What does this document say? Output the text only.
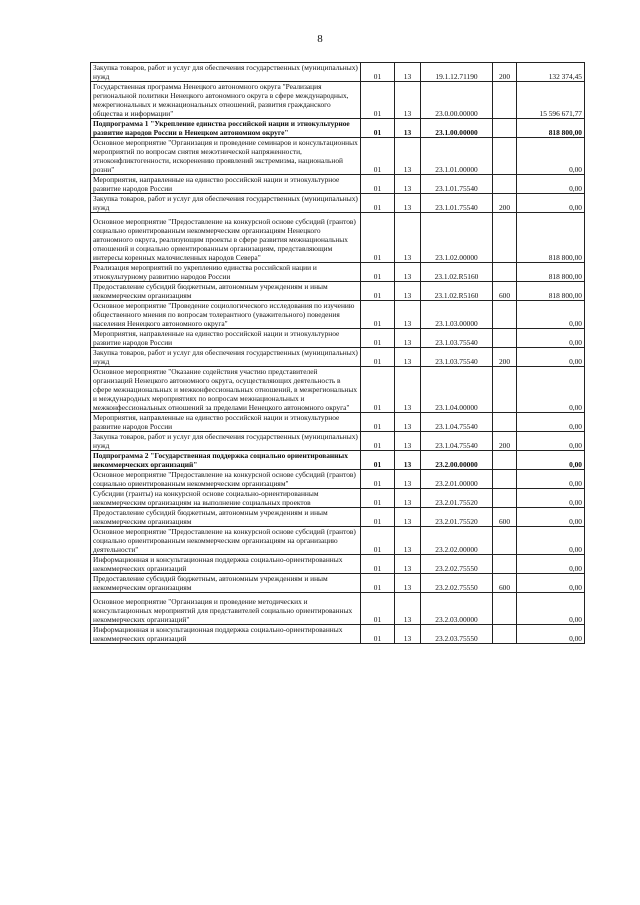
8
Закупка товаров, работ и услуг для обеспечения государственных (муниципальных) нужд	01	13	19.1.12.71190	200	132 374,45
Государственная программа Ненецкого автономного округа "Реализация региональной политики Ненецкого автономного округа в сфере международных, межрегиональных и межнациональных отношений, развития гражданского общества и информации"	01	13	23.0.00.00000		15 596 671,77
Подпрограмма 1 "Укрепление единства российской нации и этнокультурное развитие народов России в Ненецком автономном округе"	01	13	23.1.00.00000		818 800,00
Основное мероприятие "Организация и проведение семинаров и консультационных мероприятий по вопросам снятия межэтнической напряженности, этноконфликтогенности, искоренению проявлений экстремизма, национальной розни"	01	13	23.1.01.00000		0,00
Мероприятия, направленные на единство российской нации и этнокультурное развитие народов России	01	13	23.1.01.75540		0,00
Закупка товаров, работ и услуг для обеспечения государственных (муниципальных) нужд	01	13	23.1.01.75540	200	0,00
Основное мероприятие "Предоставление на конкурсной основе субсидий (грантов) социально ориентированным некоммерческим организациям Ненецкого автономного округа, реализующим проекты в сфере развития межнациональных отношений и социально ориентированным организациям, представляющим интересы коренных малочисленных народов Севера"	01	13	23.1.02.00000		818 800,00
Реализация мероприятий по укреплению единства российской нации и этнокультурному развитию народов России	01	13	23.1.02.R5160		818 800,00
Предоставление субсидий бюджетным, автономным учреждениям и иным некоммерческим организациям	01	13	23.1.02.R5160	600	818 800,00
Основное мероприятие "Проведение социологического исследования по изучению общественного мнения по вопросам толерантного (уважительного) поведения населения Ненецкого автономного округа"	01	13	23.1.03.00000		0,00
Мероприятия, направленные на единство российской нации и этнокультурное развитие народов России	01	13	23.1.03.75540		0,00
Закупка товаров, работ и услуг для обеспечения государственных (муниципальных) нужд	01	13	23.1.03.75540	200	0,00
Основное мероприятие "Оказание содействия участию представителей организаций Ненецкого автономного округа, осуществляющих деятельность в сфере межнациональных и межконфессиональных отношений, в межрегиональных и международных мероприятиях по вопросам межнациональных и межконфессиональных отношений за пределами Ненецкого автономного округа"	01	13	23.1.04.00000		0,00
Мероприятия, направленные на единство российской нации и этнокультурное развитие народов России	01	13	23.1.04.75540		0,00
Закупка товаров, работ и услуг для обеспечения государственных (муниципальных) нужд	01	13	23.1.04.75540	200	0,00
Подпрограмма 2 "Государственная поддержка социально ориентированных некоммерческих организаций"	01	13	23.2.00.00000		0,00
Основное мероприятие "Предоставление на конкурсной основе субсидий (грантов) социально ориентированным некоммерческим организациям"	01	13	23.2.01.00000		0,00
Субсидии (гранты) на конкурсной основе социально-ориентированным некоммерческим организациям на выполнение социальных проектов	01	13	23.2.01.75520		0,00
Предоставление субсидий бюджетным, автономным учреждениям и иным некоммерческим организациям	01	13	23.2.01.75520	600	0,00
Основное мероприятие "Предоставление на конкурсной основе субсидий (грантов) социально ориентированным некоммерческим организациям на организацию деятельности"	01	13	23.2.02.00000		0,00
Информационная и консультационная поддержка социально-ориентированных некоммерческих организаций	01	13	23.2.02.75550		0,00
Предоставление субсидий бюджетным, автономным учреждениям и иным некоммерческим организациям	01	13	23.2.02.75550	600	0,00
Основное мероприятие "Организация и проведение методических и консультационных мероприятий для представителей социально ориентированных некоммерческих организаций"	01	13	23.2.03.00000		0,00
Информационная и консультационная поддержка социально-ориентированных некоммерческих организаций	01	13	23.2.03.75550		0,00
